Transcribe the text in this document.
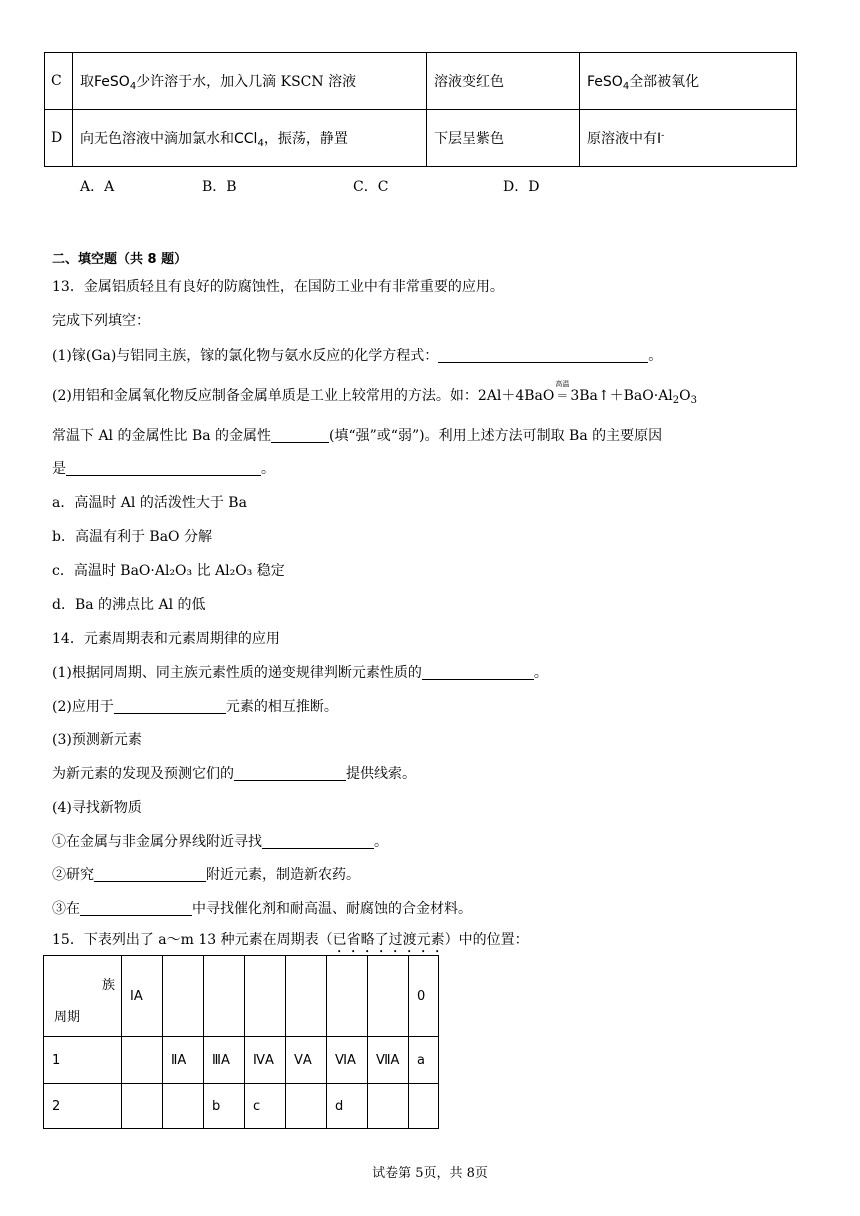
C	取FeSO$_4$少许溶于水，加入几滴 KSCN 溶液	溶液变红色	FeSO$_4$全部被氧化
D	向无色溶液中滴加氯水和CCl$_4$，振荡，静置	下层呈紫色	原溶液中有I-
A．A	B．B	C．C	D．D
二、填空题（共 8 题）
13．金属铝质轻且有良好的防腐蚀性，在国防工业中有非常重要的应用。
完成下列填空：
(1)镓(Ga)与铝同主族，镓的氯化物与氨水反应的化学方程式：	。
(2)用铝和金属氧化物反应制备金属单质是工业上较常用的方法。如：2Al＋4BaO
高温
＝ $3Ba↑+BaO\cdot Al_2O_3$
常温下 Al 的金属性比 Ba 的金属性	(填“强”或“弱”)。利用上述方法可制取 Ba 的主要原因
是	。
a．高温时 Al 的活泼性大于 Ba
b．高温有利于 BaO 分解
c．高温时 BaO·Al₂O₃ 比 Al₂O₃ 稳定
d．Ba 的沸点比 Al 的低
14．元素周期表和元素周期律的应用
(1)根据同周期、同主族元素性质的递变规律判断元素性质的	。
(2)应用于	元素的相互推断。
(3)预测新元素
为新元素的发现及预测它们的	提供线索。
(4)寻找新物质
①在金属与非金属分界线附近寻找	。
②研究	附近元素，制造新农药。
③在	中寻找催化剂和耐高温、耐腐蚀的合金材料。
15．下表列出了 a～m 13 种元素在周期表（已省略了过渡元素）中的位置：
族
周期	ⅠA							0
1		ⅡA	ⅢA	ⅣA	ⅤA	ⅥA	ⅦA	a
2			b	c		d		
试卷第 5页，共 8页
